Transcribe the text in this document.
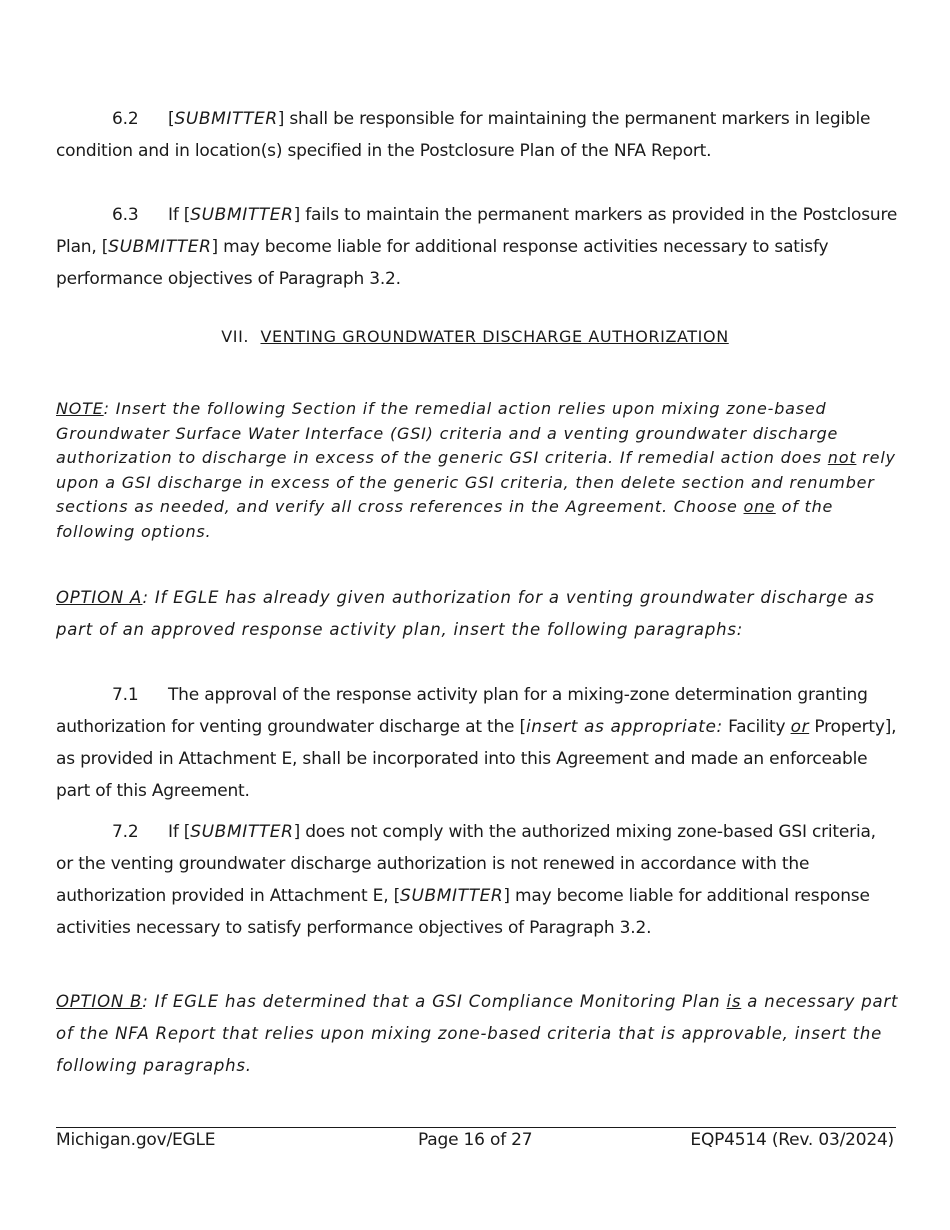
6.2 [SUBMITTER] shall be responsible for maintaining the permanent markers in legible condition and in location(s) specified in the Postclosure Plan of the NFA Report.
6.3 If [SUBMITTER] fails to maintain the permanent markers as provided in the Postclosure Plan, [SUBMITTER] may become liable for additional response activities necessary to satisfy performance objectives of Paragraph 3.2.
VII. VENTING GROUNDWATER DISCHARGE AUTHORIZATION
NOTE: Insert the following Section if the remedial action relies upon mixing zone-based Groundwater Surface Water Interface (GSI) criteria and a venting groundwater discharge authorization to discharge in excess of the generic GSI criteria. If remedial action does not rely upon a GSI discharge in excess of the generic GSI criteria, then delete section and renumber sections as needed, and verify all cross references in the Agreement. Choose one of the following options.
OPTION A: If EGLE has already given authorization for a venting groundwater discharge as part of an approved response activity plan, insert the following paragraphs:
7.1 The approval of the response activity plan for a mixing-zone determination granting authorization for venting groundwater discharge at the [insert as appropriate: Facility or Property], as provided in Attachment E, shall be incorporated into this Agreement and made an enforceable part of this Agreement.
7.2 If [SUBMITTER] does not comply with the authorized mixing zone-based GSI criteria, or the venting groundwater discharge authorization is not renewed in accordance with the authorization provided in Attachment E, [SUBMITTER] may become liable for additional response activities necessary to satisfy performance objectives of Paragraph 3.2.
OPTION B: If EGLE has determined that a GSI Compliance Monitoring Plan is a necessary part of the NFA Report that relies upon mixing zone-based criteria that is approvable, insert the following paragraphs.
Michigan.gov/EGLE	Page 16 of 27	EQP4514 (Rev. 03/2024)
